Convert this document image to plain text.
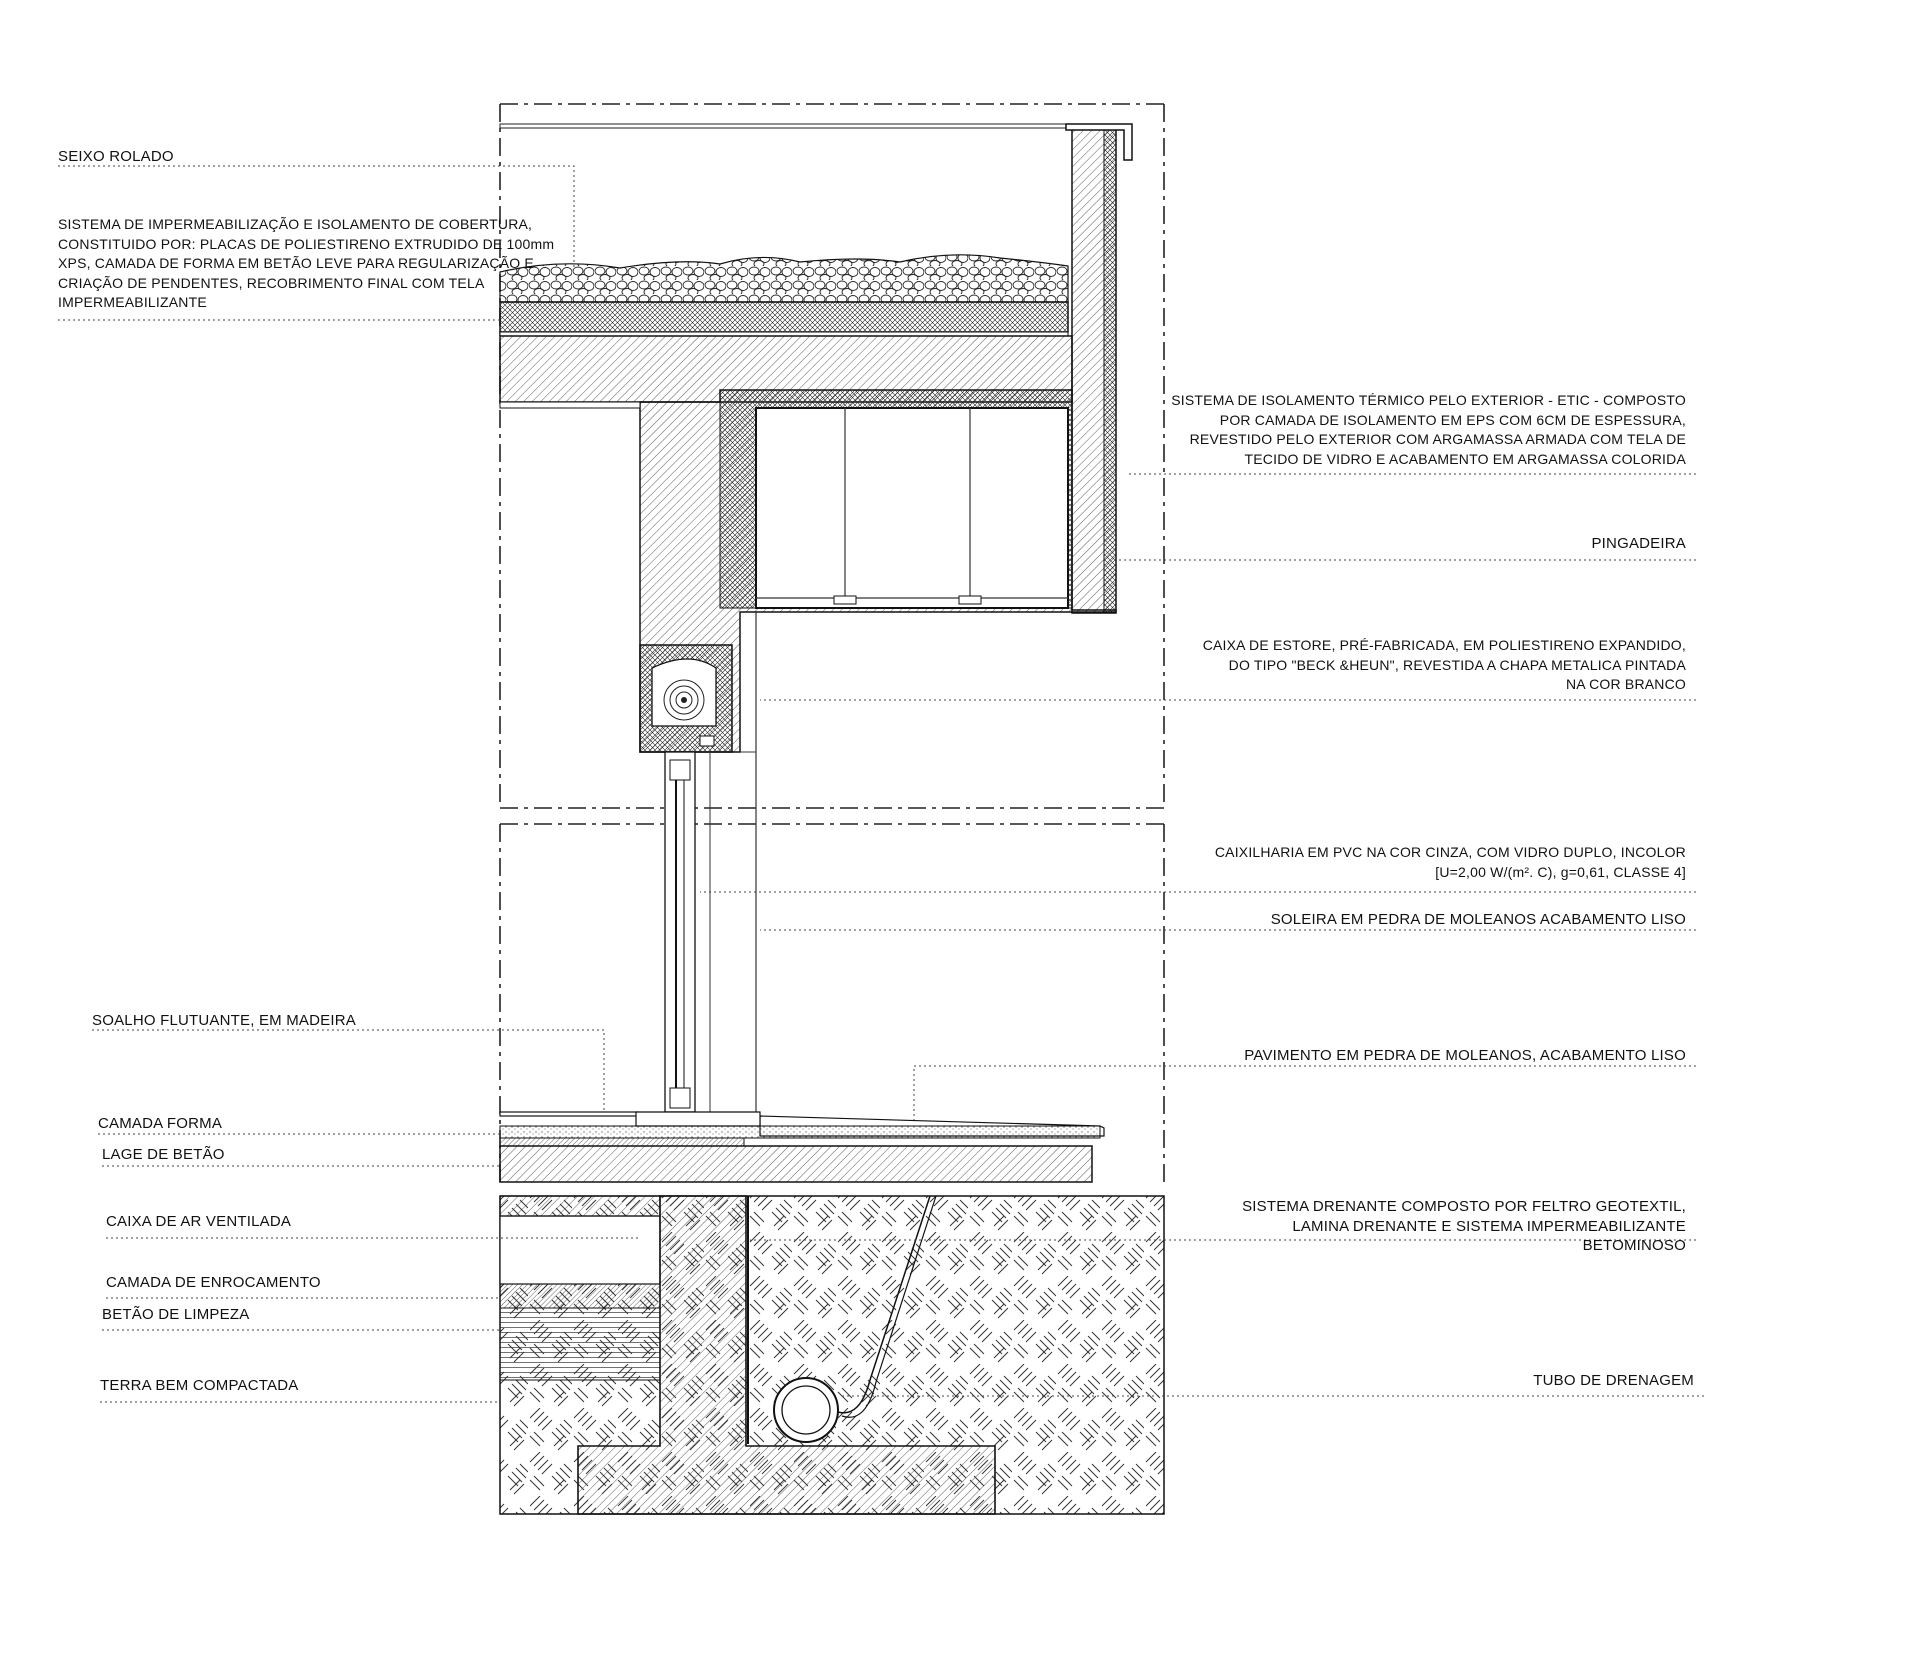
SEIXO ROLADO
SISTEMA DE IMPERMEABILIZAÇÃO E ISOLAMENTO DE COBERTURA,
CONSTITUIDO POR: PLACAS DE POLIESTIRENO EXTRUDIDO DE 100mm
XPS, CAMADA DE FORMA EM BETÃO LEVE PARA REGULARIZAÇÃO E
CRIAÇÃO DE PENDENTES, RECOBRIMENTO FINAL COM TELA
IMPERMEABILIZANTE
SOALHO FLUTUANTE, EM MADEIRA
CAMADA FORMA
LAGE DE BETÃO
CAIXA DE AR VENTILADA
CAMADA DE ENROCAMENTO
BETÃO DE LIMPEZA
TERRA BEM COMPACTADA
SISTEMA DE ISOLAMENTO TÉRMICO PELO EXTERIOR - ETIC - COMPOSTO
POR CAMADA DE ISOLAMENTO EM EPS COM 6CM DE ESPESSURA,
REVESTIDO PELO EXTERIOR COM ARGAMASSA ARMADA COM TELA DE
TECIDO DE VIDRO E ACABAMENTO EM ARGAMASSA COLORIDA
PINGADEIRA
CAIXA DE ESTORE, PRÉ-FABRICADA, EM POLIESTIRENO EXPANDIDO,
DO TIPO "BECK &HEUN", REVESTIDA A CHAPA METALICA PINTADA
NA COR BRANCO
CAIXILHARIA EM PVC NA COR CINZA, COM VIDRO DUPLO, INCOLOR
[U=2,00 W/(m². C), g=0,61, CLASSE 4]
SOLEIRA EM PEDRA DE MOLEANOS ACABAMENTO LISO
PAVIMENTO EM PEDRA DE MOLEANOS, ACABAMENTO LISO
SISTEMA DRENANTE COMPOSTO POR FELTRO GEOTEXTIL,
LAMINA DRENANTE E SISTEMA IMPERMEABILIZANTE
BETOMINOSO
TUBO DE DRENAGEM
